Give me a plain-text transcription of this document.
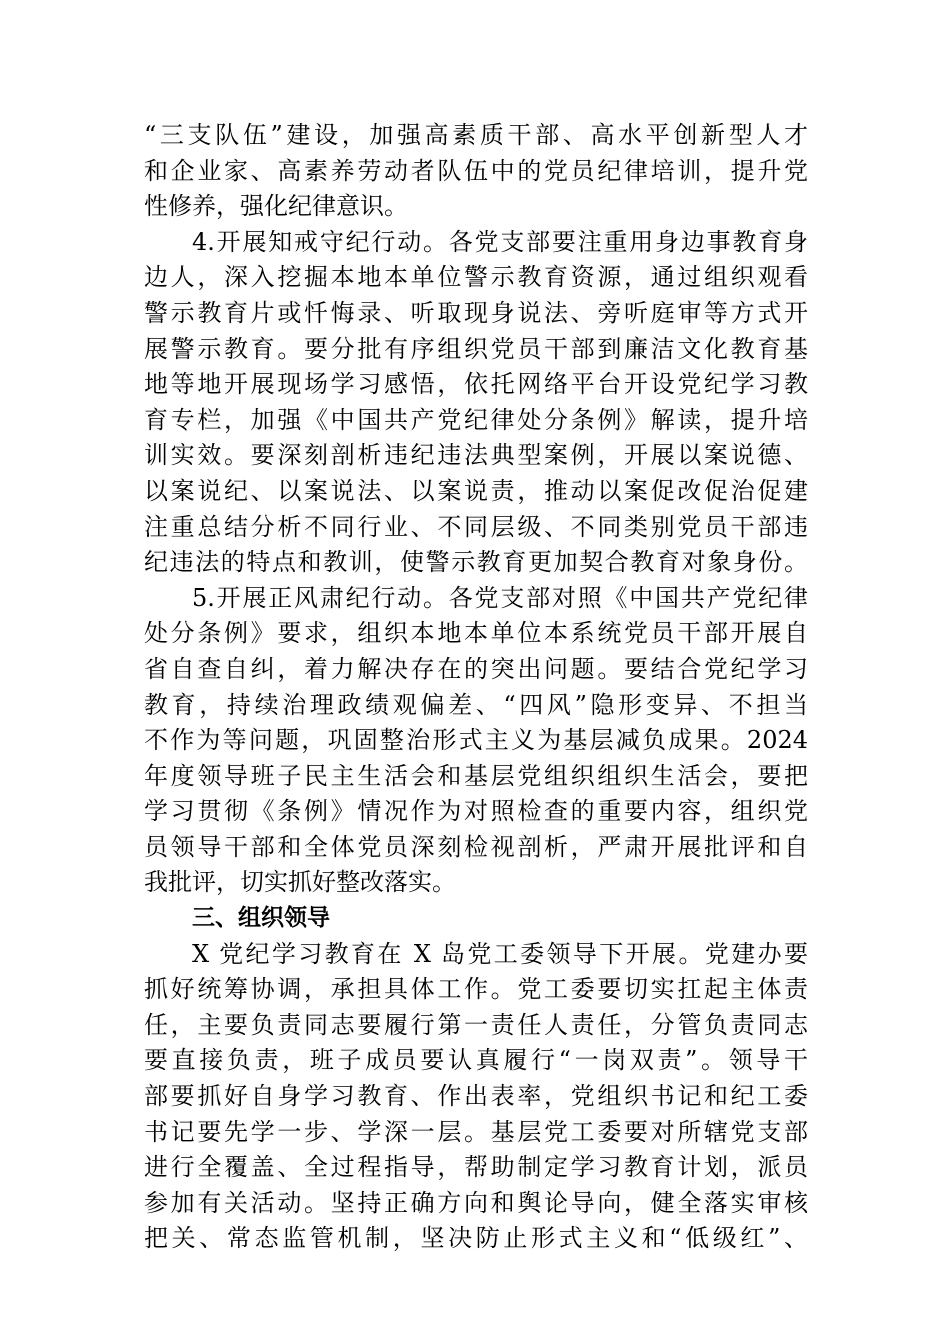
“三支队伍”建设，加强高素质干部、高水平创新型人才
和企业家、高素养劳动者队伍中的党员纪律培训，提升党
性修养，强化纪律意识。
4.开展知戒守纪行动。各党支部要注重用身边事教育身
边人，深入挖掘本地本单位警示教育资源，通过组织观看
警示教育片或忏悔录、听取现身说法、旁听庭审等方式开
展警示教育。要分批有序组织党员干部到廉洁文化教育基
地等地开展现场学习感悟，依托网络平台开设党纪学习教
育专栏，加强《中国共产党纪律处分条例》解读，提升培
训实效。要深刻剖析违纪违法典型案例，开展以案说德、
以案说纪、以案说法、以案说责，推动以案促改促治促建
注重总结分析不同行业、不同层级、不同类别党员干部违
纪违法的特点和教训，使警示教育更加契合教育对象身份。
5.开展正风肃纪行动。各党支部对照《中国共产党纪律
处分条例》要求，组织本地本单位本系统党员干部开展自
省自查自纠，着力解决存在的突出问题。要结合党纪学习
教育，持续治理政绩观偏差、“四风”隐形变异、不担当
不作为等问题，巩固整治形式主义为基层减负成果。2024
年度领导班子民主生活会和基层党组织组织生活会，要把
学习贯彻《条例》情况作为对照检查的重要内容，组织党
员领导干部和全体党员深刻检视剖析，严肃开展批评和自
我批评，切实抓好整改落实。
三、组织领导
X 党纪学习教育在 X 岛党工委领导下开展。党建办要
抓好统筹协调，承担具体工作。党工委要切实扛起主体责
任，主要负责同志要履行第一责任人责任，分管负责同志
要直接负责，班子成员要认真履行“一岗双责”。领导干
部要抓好自身学习教育、作出表率，党组织书记和纪工委
书记要先学一步、学深一层。基层党工委要对所辖党支部
进行全覆盖、全过程指导，帮助制定学习教育计划，派员
参加有关活动。坚持正确方向和舆论导向，健全落实审核
把关、常态监管机制，坚决防止形式主义和“低级红”、
